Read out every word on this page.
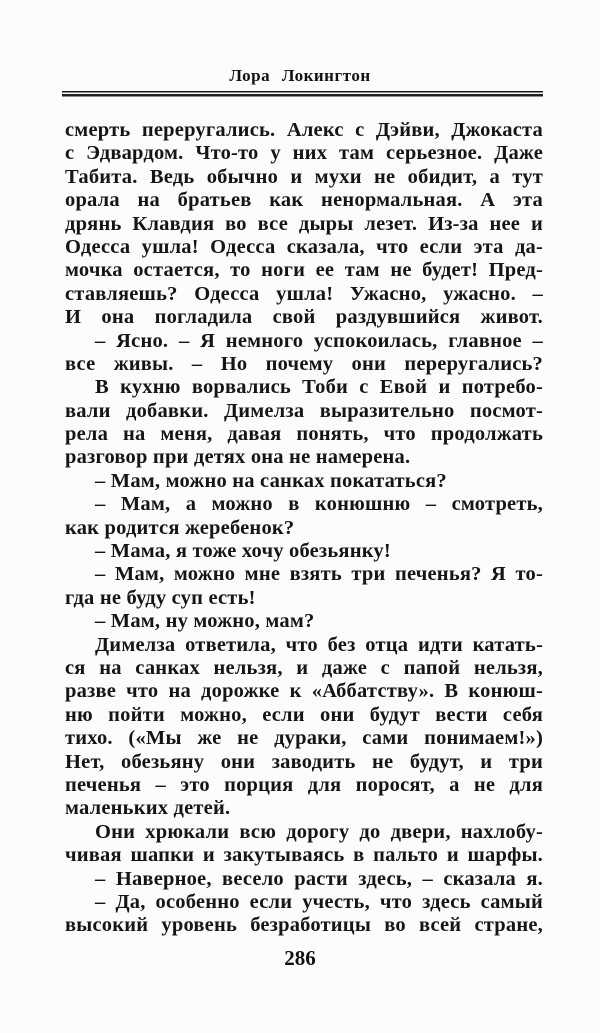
Лора Локингтон
смерть переругались. Алекс с Дэйви, Джокаста
с Эдвардом. Что-то у них там серьезное. Даже
Табита. Ведь обычно и мухи не обидит, а тут
орала на братьев как ненормальная. А эта
дрянь Клавдия во все дыры лезет. Из-за нее и
Одесса ушла! Одесса сказала, что если эта да-
мочка остается, то ноги ее там не будет! Пред-
ставляешь? Одесса ушла! Ужасно, ужасно. –
И она погладила свой раздувшийся живот.
– Ясно. – Я немного успокоилась, главное –
все живы. – Но почему они переругались?
В кухню ворвались Тоби с Евой и потребо-
вали добавки. Димелза выразительно посмот-
рела на меня, давая понять, что продолжать
разговор при детях она не намерена.
– Мам, можно на санках покататься?
– Мам, а можно в конюшню – смотреть,
как родится жеребенок?
– Мама, я тоже хочу обезьянку!
– Мам, можно мне взять три печенья? Я то-
гда не буду суп есть!
– Мам, ну можно, мам?
Димелза ответила, что без отца идти катать-
ся на санках нельзя, и даже с папой нельзя,
разве что на дорожке к «Аббатству». В конюш-
ню пойти можно, если они будут вести себя
тихо. («Мы же не дураки, сами понимаем!»)
Нет, обезьяну они заводить не будут, и три
печенья – это порция для поросят, а не для
маленьких детей.
Они хрюкали всю дорогу до двери, нахлобу-
чивая шапки и закутываясь в пальто и шарфы.
– Наверное, весело расти здесь, – сказала я.
– Да, особенно если учесть, что здесь самый
высокий уровень безработицы во всей стране,
286
